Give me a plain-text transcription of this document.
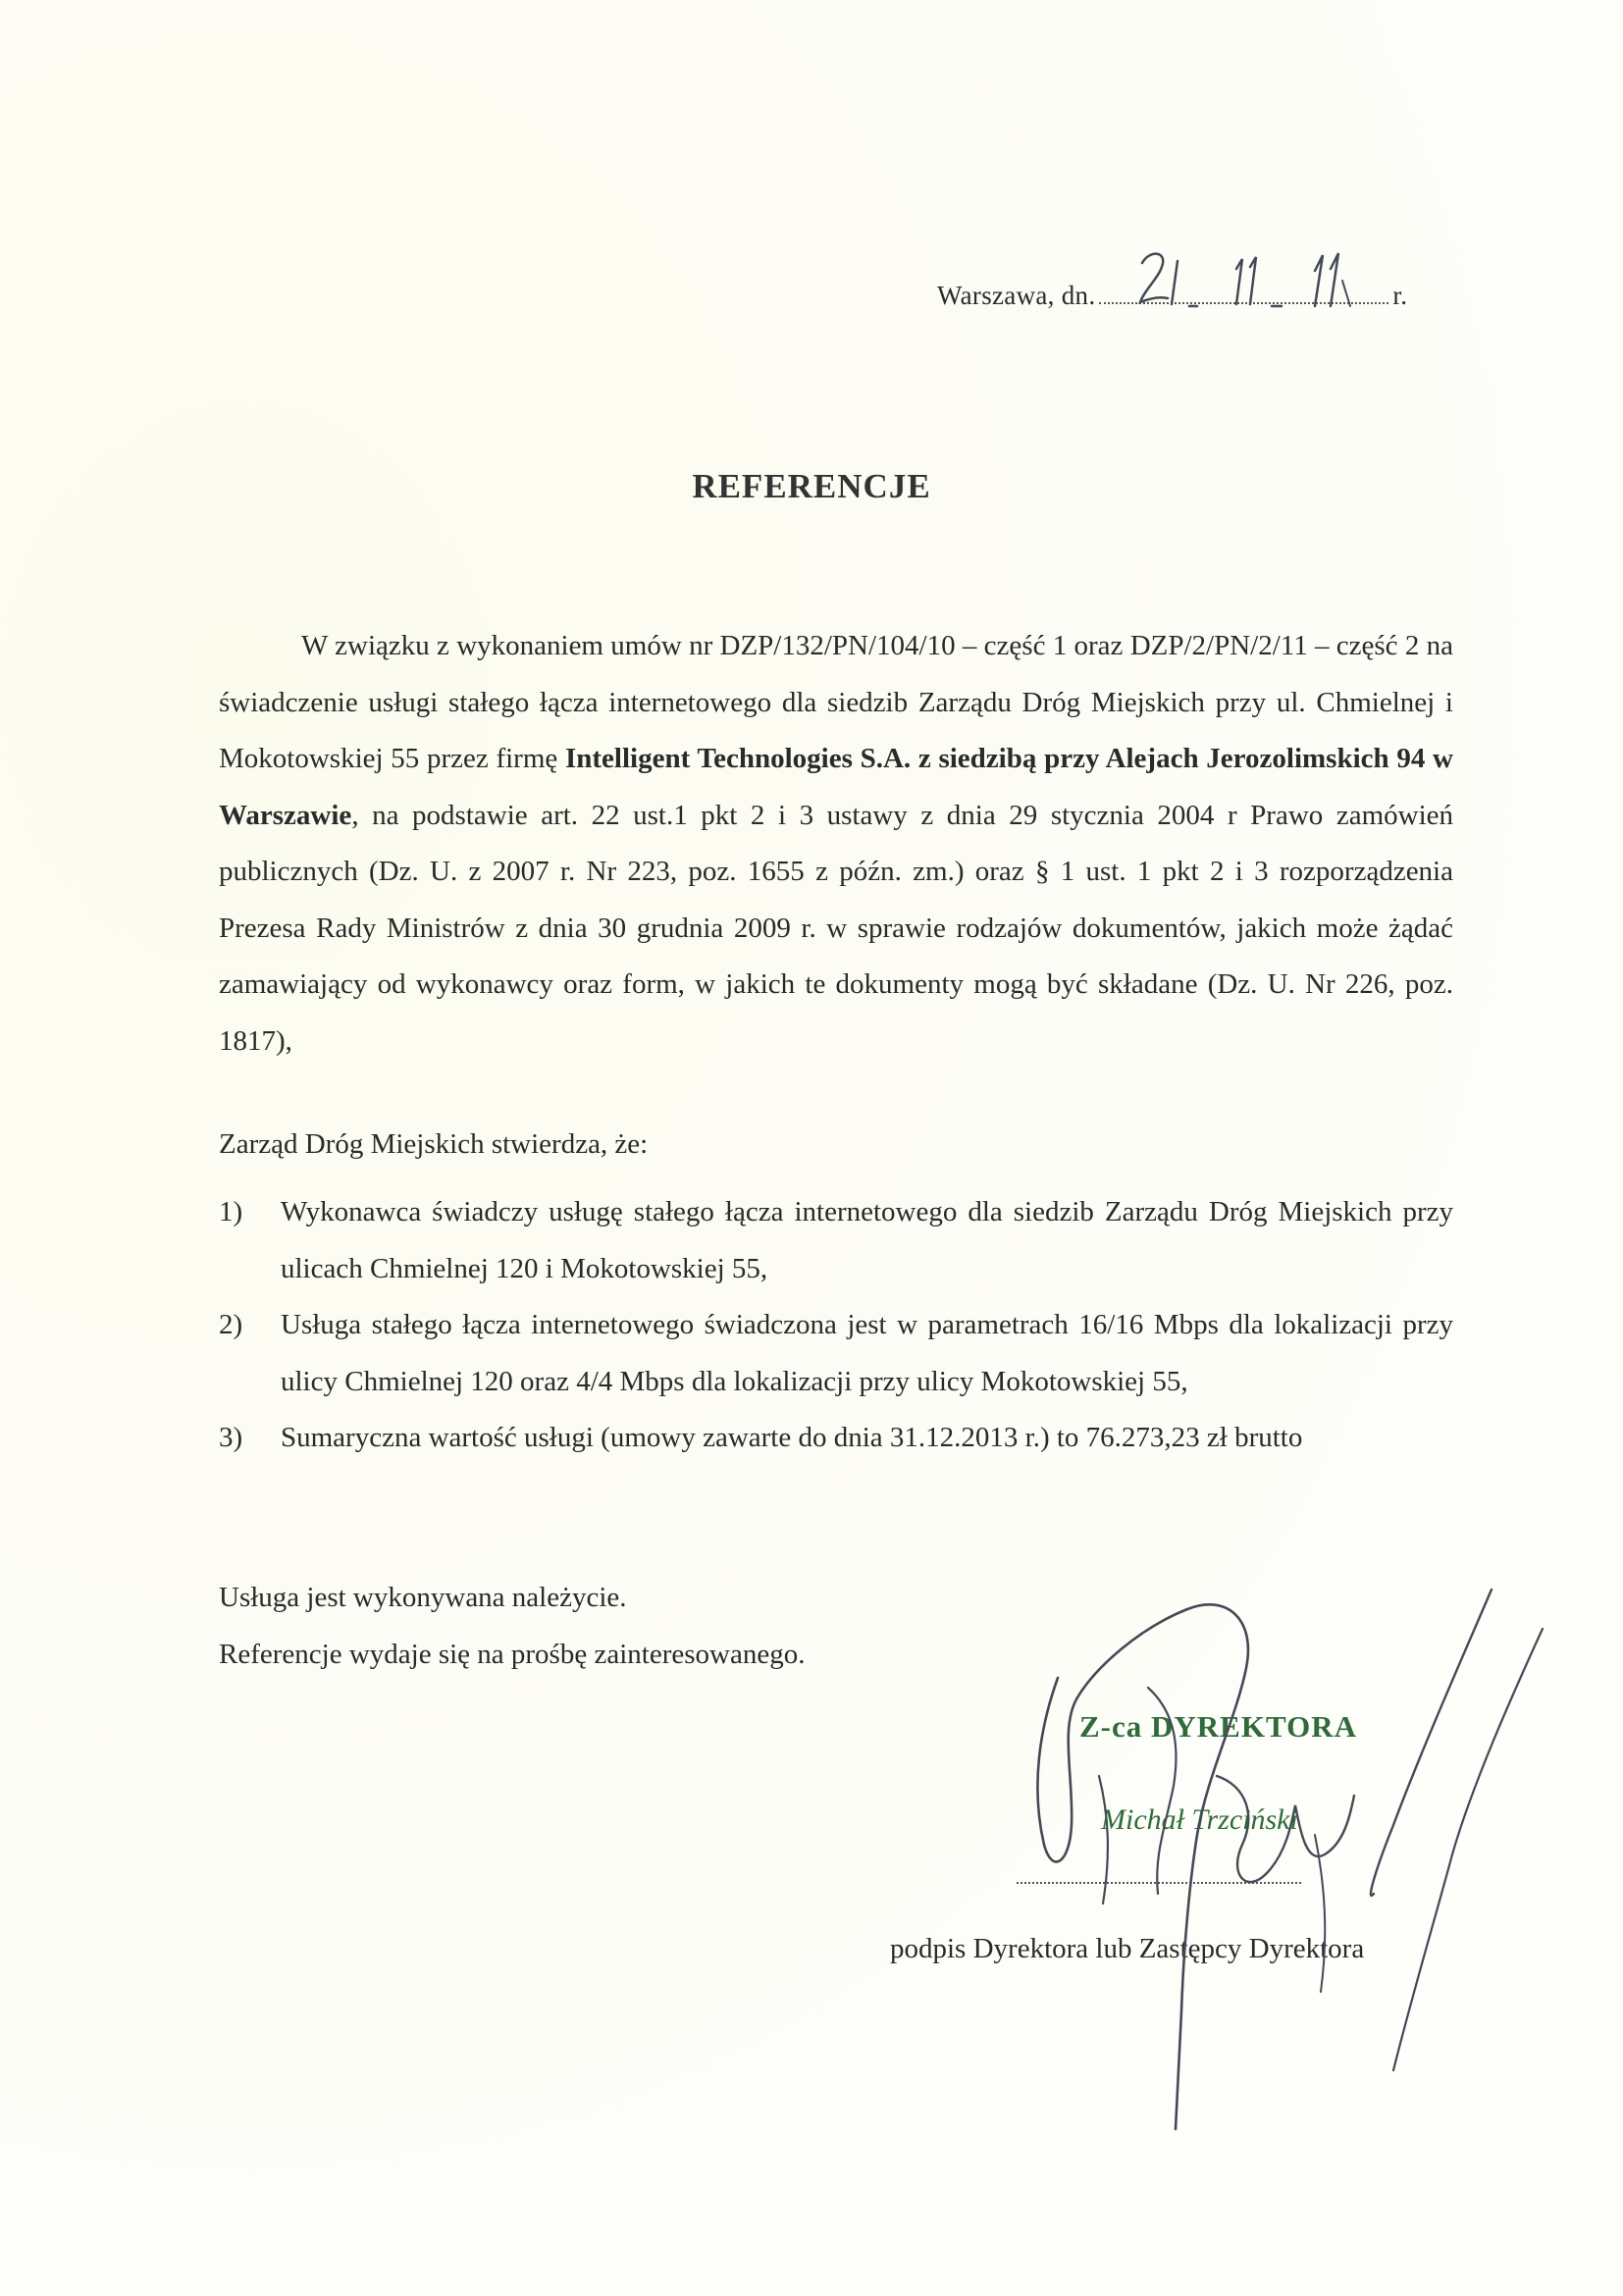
Warszawa, dn.	r.
REFERENCJE

W związku z wykonaniem umów nr DZP/132/PN/104/10 – część 1 oraz DZP/2/PN/2/11 – część 2 na świadczenie usługi stałego łącza internetowego dla siedzib Zarządu Dróg Miejskich przy ul. Chmielnej i Mokotowskiej 55 przez firmę Intelligent Technologies S.A. z siedzibą przy Alejach Jerozolimskich 94 w Warszawie, na podstawie art. 22 ust.1 pkt 2 i 3 ustawy z dnia 29 stycznia 2004 r Prawo zamówień publicznych (Dz. U. z 2007 r. Nr 223, poz. 1655 z późn. zm.) oraz § 1 ust. 1 pkt 2 i 3 rozporządzenia Prezesa Rady Ministrów z dnia 30 grudnia 2009 r. w sprawie rodzajów dokumentów, jakich może żądać zamawiający od wykonawcy oraz form, w jakich te dokumenty mogą być składane (Dz. U. Nr 226, poz. 1817),

Zarząd Dróg Miejskich stwierdza, że:
1) Wykonawca świadczy usługę stałego łącza internetowego dla siedzib Zarządu Dróg Miejskich przy ulicach Chmielnej 120 i Mokotowskiej 55,
2) Usługa stałego łącza internetowego świadczona jest w parametrach 16/16 Mbps dla lokalizacji przy ulicy Chmielnej 120 oraz 4/4 Mbps dla lokalizacji przy ulicy Mokotowskiej 55,
3) Sumaryczna wartość usługi (umowy zawarte do dnia 31.12.2013 r.) to 76.273,23 zł brutto
Usługa jest wykonywana należycie.
Referencje wydaje się na prośbę zainteresowanego.
Z-ca DYREKTORA
Michał Trzciński
podpis Dyrektora lub Zastępcy Dyrektora
